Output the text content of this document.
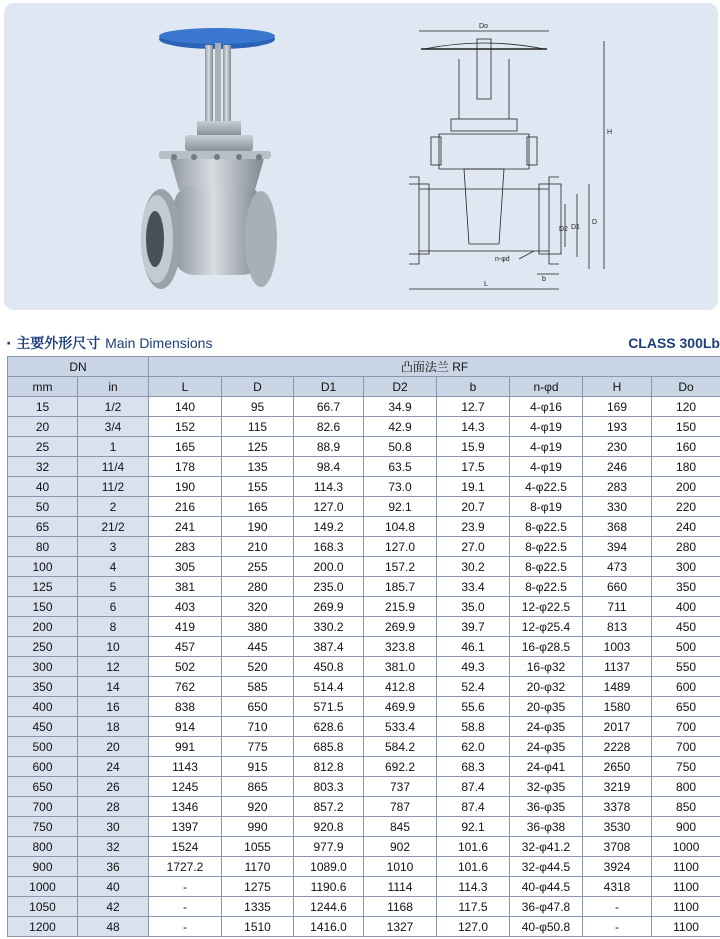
Do
H
D
D1
D2
n-φd
b
L
· 主要外形尺寸 Main Dimensions	CLASS 300Lb
DN		凸面法兰 RF							
mm	in	L	D	D1	D2	b	n-φd	H	Do
15	1/2	140	95	66.7	34.9	12.7	4-φ16	169	120
20	3/4	152	115	82.6	42.9	14.3	4-φ19	193	150
25	1	165	125	88.9	50.8	15.9	4-φ19	230	160
32	11/4	178	135	98.4	63.5	17.5	4-φ19	246	180
40	11/2	190	155	114.3	73.0	19.1	4-φ22.5	283	200
50	2	216	165	127.0	92.1	20.7	8-φ19	330	220
65	21/2	241	190	149.2	104.8	23.9	8-φ22.5	368	240
80	3	283	210	168.3	127.0	27.0	8-φ22.5	394	280
100	4	305	255	200.0	157.2	30.2	8-φ22.5	473	300
125	5	381	280	235.0	185.7	33.4	8-φ22.5	660	350
150	6	403	320	269.9	215.9	35.0	12-φ22.5	711	400
200	8	419	380	330.2	269.9	39.7	12-φ25.4	813	450
250	10	457	445	387.4	323.8	46.1	16-φ28.5	1003	500
300	12	502	520	450.8	381.0	49.3	16-φ32	1137	550
350	14	762	585	514.4	412.8	52.4	20-φ32	1489	600
400	16	838	650	571.5	469.9	55.6	20-φ35	1580	650
450	18	914	710	628.6	533.4	58.8	24-φ35	2017	700
500	20	991	775	685.8	584.2	62.0	24-φ35	2228	700
600	24	1143	915	812.8	692.2	68.3	24-φ41	2650	750
650	26	1245	865	803.3	737	87.4	32-φ35	3219	800
700	28	1346	920	857.2	787	87.4	36-φ35	3378	850
750	30	1397	990	920.8	845	92.1	36-φ38	3530	900
800	32	1524	1055	977.9	902	101.6	32-φ41.2	3708	1000
900	36	1727.2	1170	1089.0	1010	101.6	32-φ44.5	3924	1100
1000	40	-	1275	1190.6	1114	114.3	40-φ44.5	4318	1100
1050	42	-	1335	1244.6	1168	117.5	36-φ47.8	-	1100
1200	48	-	1510	1416.0	1327	127.0	40-φ50.8	-	1100
